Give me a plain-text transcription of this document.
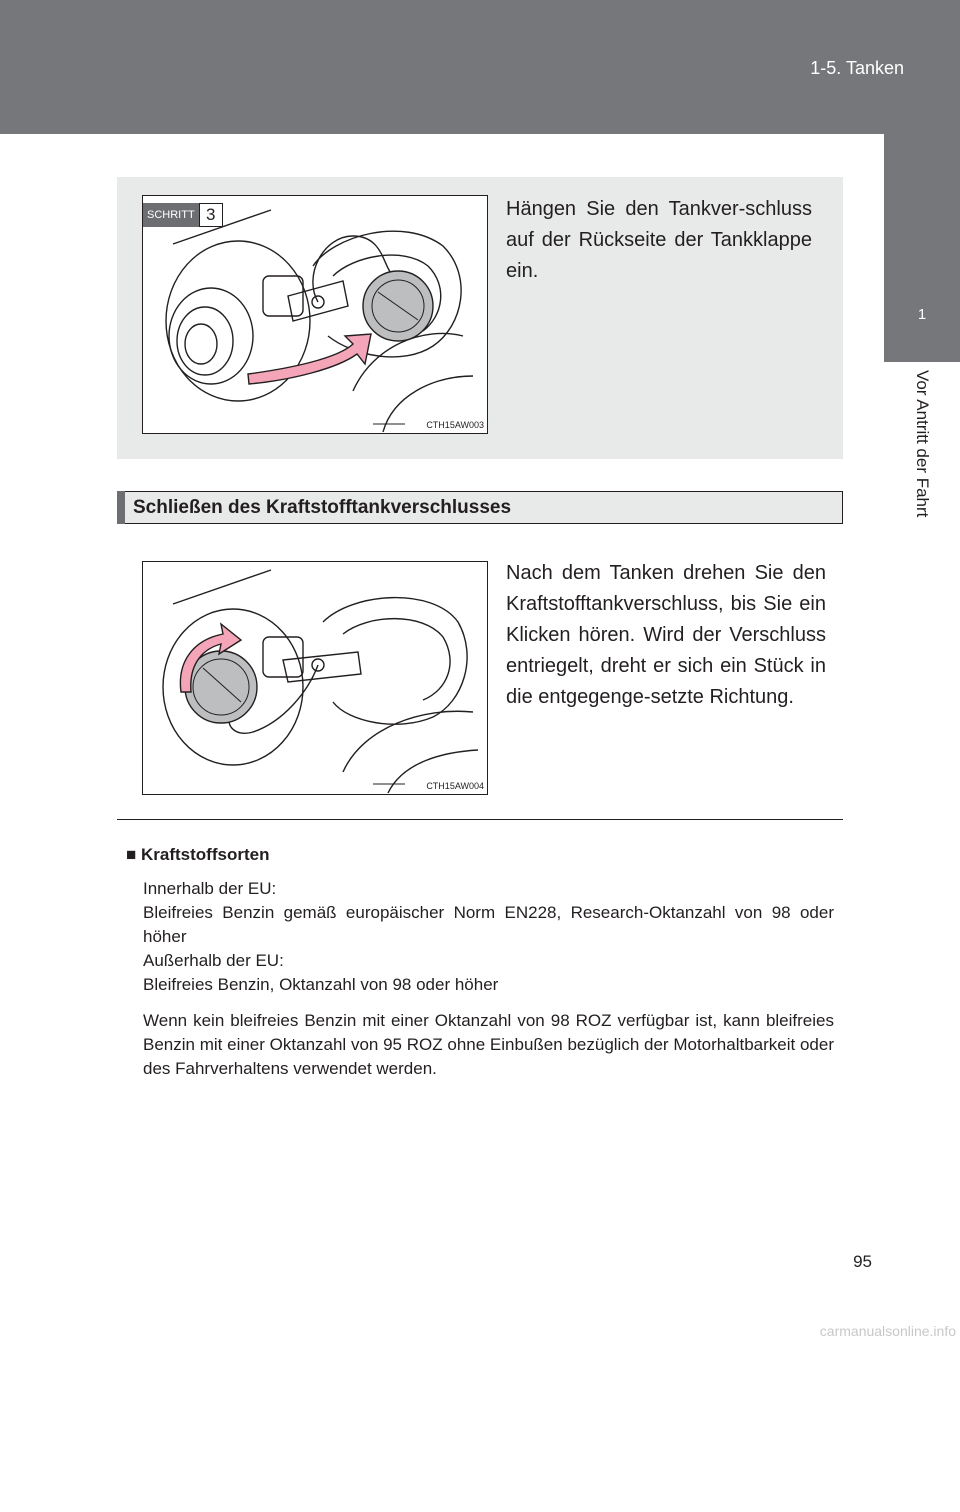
1-5. Tanken
1
Vor Antritt der Fahrt
SCHRITT 3
CTH15AW003
Hängen Sie den Tankver-schluss auf der Rückseite der Tankklappe ein.
Schließen des Kraftstofftankverschlusses
CTH15AW004
Nach dem Tanken drehen Sie den Kraftstofftankverschluss, bis Sie ein Klicken hören. Wird der Verschluss entriegelt, dreht er sich ein Stück in die entgegenge-setzte Richtung.
■ Kraftstoffsorten
Innerhalb der EU:
Bleifreies Benzin gemäß europäischer Norm EN228, Research-Oktanzahl von 98 oder höher
Außerhalb der EU:
Bleifreies Benzin, Oktanzahl von 98 oder höher
Wenn kein bleifreies Benzin mit einer Oktanzahl von 98 ROZ verfügbar ist, kann bleifreies Benzin mit einer Oktanzahl von 95 ROZ ohne Einbußen bezüglich der Motorhaltbarkeit oder des Fahrverhaltens verwendet werden.
95
carmanualsonline.info
